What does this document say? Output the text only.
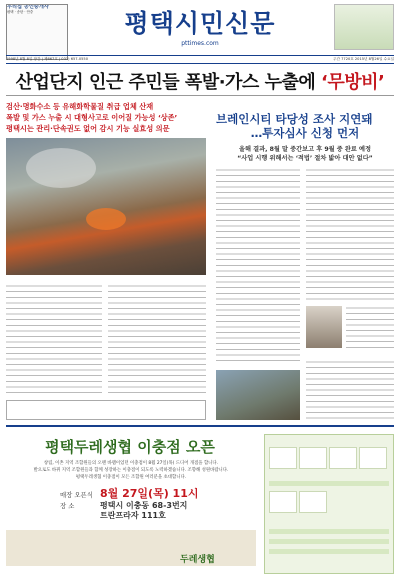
우리집 공인중개사
평택 · 송탄 · 안중	평택시민신문
pttimes.com
1998년 8월 8일 창간 | 제667호 | 031) 657-0550	주간 7720호 2015년 8월26일 수요일
산업단지 인근 주민들 폭발·가스 누출에 ‘무방비’
검산·명화수소 등 유해화학물질 취급 업체 산재
폭발 및 가스 누출 시 대형사고로 이어질 가능성 ‘상존’
평택시는 관리·단속권도 없어 감시 기능 실효성 의문
브레인시티 타당성 조사 지연돼
…투자심사 신청 먼저
올해 결과, 8월 말 중간보고 후 9월 중 완료 예정
“사업 시행 위해서는 ‘적법’ 절차 밟아 대안 없다”
평택두레생협 이충점 오픈
창립, 이촌 지역 조합원들의 오랜 바램이었던 이충점이 8월 27일(목) 드디어 개점을 합니다.
발으로도 바뀌 지역 조합원들과 함께 성장하는 이충점이 되도록 노력하겠습니다. 조향해 성원바랍니다.
평택두레생협 이충점이 모든 조합원 여러분을 초대합니다.
매장 오픈식 8월 27일(목) 11시
장 소	평택시 이충동 68-3번지
트란프라자 111호
두레생협
